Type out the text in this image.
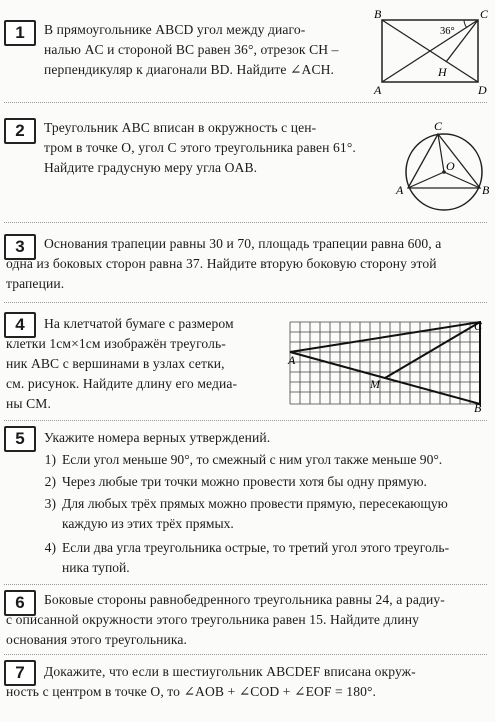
1	В прямоугольнике ABCD угол между диаго-
налью AC и стороной BC равен 36°, отрезок CH –
перпендикуляр к диагонали BD. Найдите ∠ACH.

B	C
A	D
H
36°
2	Треугольник ABC вписан в окружность с цен-
тром в точке O, угол C этого треугольника равен 61°.
Найдите градусную меру угла OAB.

C
O
A	B
3	Основания трапеции равны 30 и 70, площадь трапеции равна 600, а
одна из боковых сторон равна 37. Найдите вторую боковую сторону этой
трапеции.

4	На клетчатой бумаге с размером
клетки 1см×1см изображён треуголь-
ник ABC с вершинами в узлах сетки,
см. рисунок. Найдите длину его медиа-
ны CM.

A
C
M
B
5	Укажите номера верных утверждений.

1) Если угол меньше 90°, то смежный с ним угол также меньше 90°.
2) Через любые три точки можно провести хотя бы одну прямую.
3) Для любых трёх прямых можно провести прямую, пересекающую
каждую из этих трёх прямых.
4) Если два угла треугольника острые, то третий угол этого треуголь-
ника тупой.
6	Боковые стороны равнобедренного треугольника равны 24, а радиу-
с описанной окружности этого треугольника равен 15. Найдите длину
основания этого треугольника.

7	Докажите, что если в шестиугольник ABCDEF вписана окруж-
ность с центром в точке O, то ∠AOB + ∠COD + ∠EOF = 180°.
